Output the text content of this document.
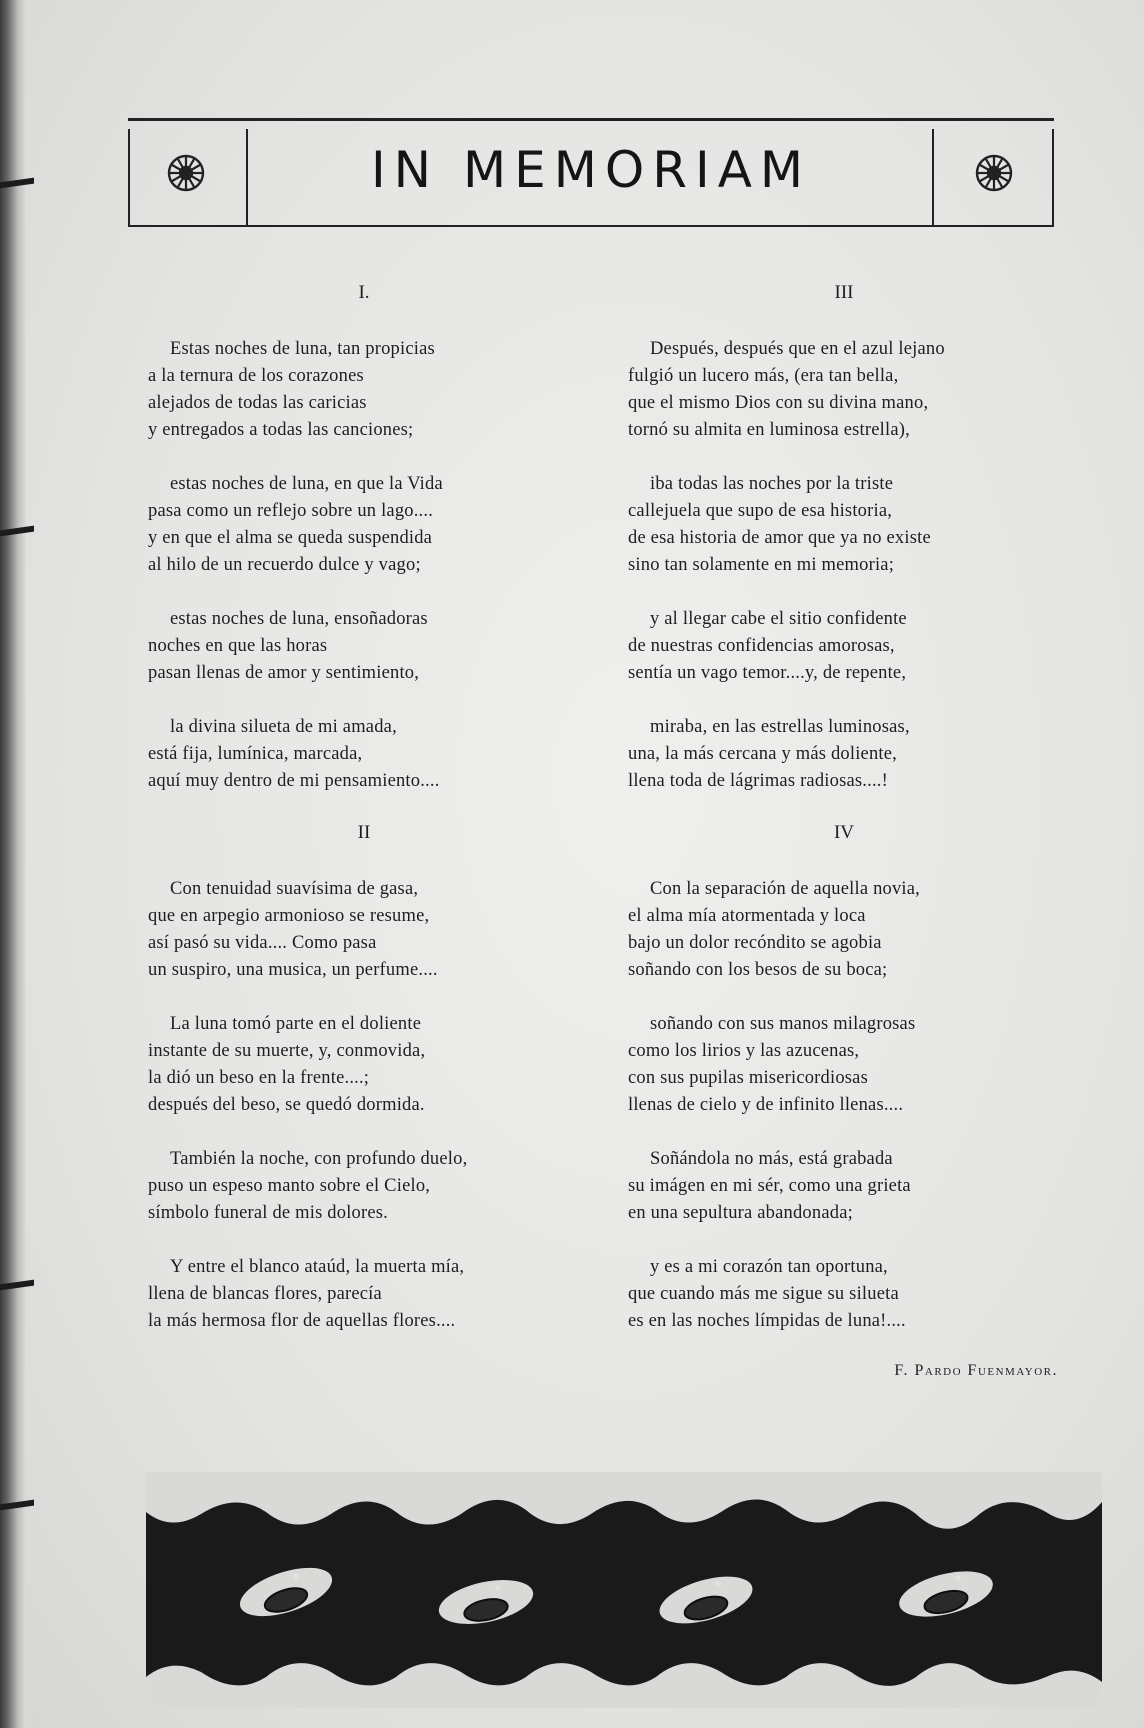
IN MEMORIAM
I.
Estas noches de luna, tan propicias
a la ternura de los corazones
alejados de todas las caricias
y entregados a todas las canciones;
estas noches de luna, en que la Vida
pasa como un reflejo sobre un lago....
y en que el alma se queda suspendida
al hilo de un recuerdo dulce y vago;
estas noches de luna, ensoñadoras
noches en que las horas
pasan llenas de amor y sentimiento,
la divina silueta de mi amada,
está fija, lumínica, marcada,
aquí muy dentro de mi pensamiento....
II
Con tenuidad suavísima de gasa,
que en arpegio armonioso se resume,
así pasó su vida.... Como pasa
un suspiro, una musica, un perfume....
La luna tomó parte en el doliente
instante de su muerte, y, conmovida,
la dió un beso en la frente....;
después del beso, se quedó dormida.
También la noche, con profundo duelo,
puso un espeso manto sobre el Cielo,
símbolo funeral de mis dolores.
Y entre el blanco ataúd, la muerta mía,
llena de blancas flores, parecía
la más hermosa flor de aquellas flores....
III
Después, después que en el azul lejano
fulgió un lucero más, (era tan bella,
que el mismo Dios con su divina mano,
tornó su almita en luminosa estrella),
iba todas las noches por la triste
callejuela que supo de esa historia,
de esa historia de amor que ya no existe
sino tan solamente en mi memoria;
y al llegar cabe el sitio confidente
de nuestras confidencias amorosas,
sentía un vago temor....y, de repente,
miraba, en las estrellas luminosas,
una, la más cercana y más doliente,
llena toda de lágrimas radiosas....!
IV
Con la separación de aquella novia,
el alma mía atormentada y loca
bajo un dolor recóndito se agobia
soñando con los besos de su boca;
soñando con sus manos milagrosas
como los lirios y las azucenas,
con sus pupilas misericordiosas
llenas de cielo y de infinito llenas....
Soñándola no más, está grabada
su imágen en mi sér, como una grieta
en una sepultura abandonada;
y es a mi corazón tan oportuna,
que cuando más me sigue su silueta
es en las noches límpidas de luna!....
F. Pardo Fuenmayor.
